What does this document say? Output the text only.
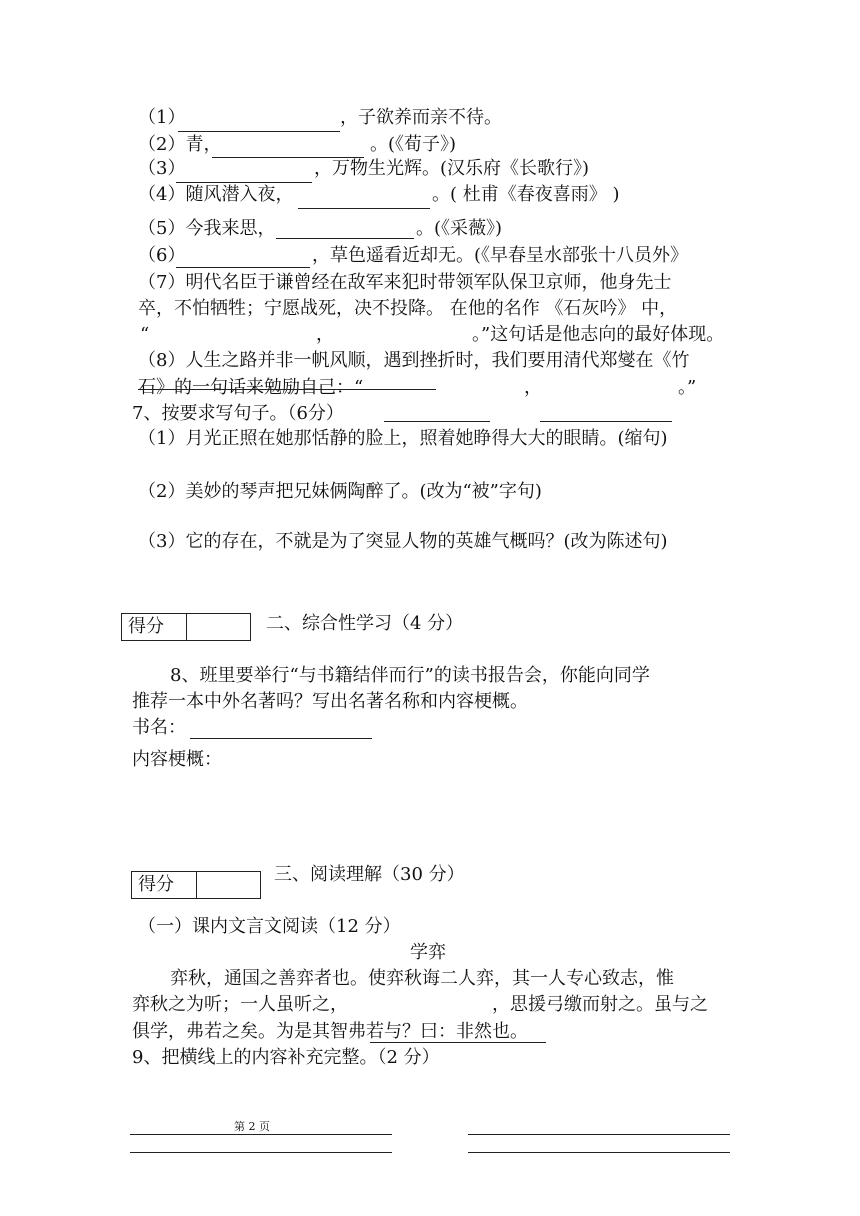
（1）	，子欲养而亲不待。
（2）青，	。(《荀子》)
（3）	，万物生光辉。(汉乐府《长歌行》)
（4）随风潜入夜，	。( 杜甫《春夜喜雨》 )
（5）今我来思，	。(《采薇》)
（6）	，草色遥看近却无。(《早春呈水部张十八员外》
（7）明代名臣于谦曾经在敌军来犯时带领军队保卫京师，他身先士
卒，不怕牺牲；宁愿战死，决不投降。 在他的名作 《石灰吟》 中，
“	，	。”这句话是他志向的最好体现。
（8）人生之路并非一帆风顺，遇到挫折时，我们要用清代郑燮在《竹
石》的一句话来勉励自己：“	，	。”
7、按要求写句子。（6分）
（1）月光正照在她那恬静的脸上，照着她睁得大大的眼睛。(缩句)
（2）美妙的琴声把兄妹俩陶醉了。(改为“被”字句)
（3）它的存在，不就是为了突显人物的英雄气概吗？(改为陈述句)
得分	二、综合性学习（4 分）
8、班里要举行“与书籍结伴而行”的读书报告会，你能向同学
推荐一本中外名著吗？写出名著名称和内容梗概。
书名：
内容梗概：
得分	三、阅读理解（30 分）
（一）课内文言文阅读（12 分）
学弈
弈秋，通国之善弈者也。使弈秋诲二人弈，其一人专心致志，惟
弈秋之为听；一人虽听之，	，思援弓缴而射之。虽与之
俱学，弗若之矣。为是其智弗若与？曰：非然也。
9、把横线上的内容补充完整。（2 分）
第 2 页
